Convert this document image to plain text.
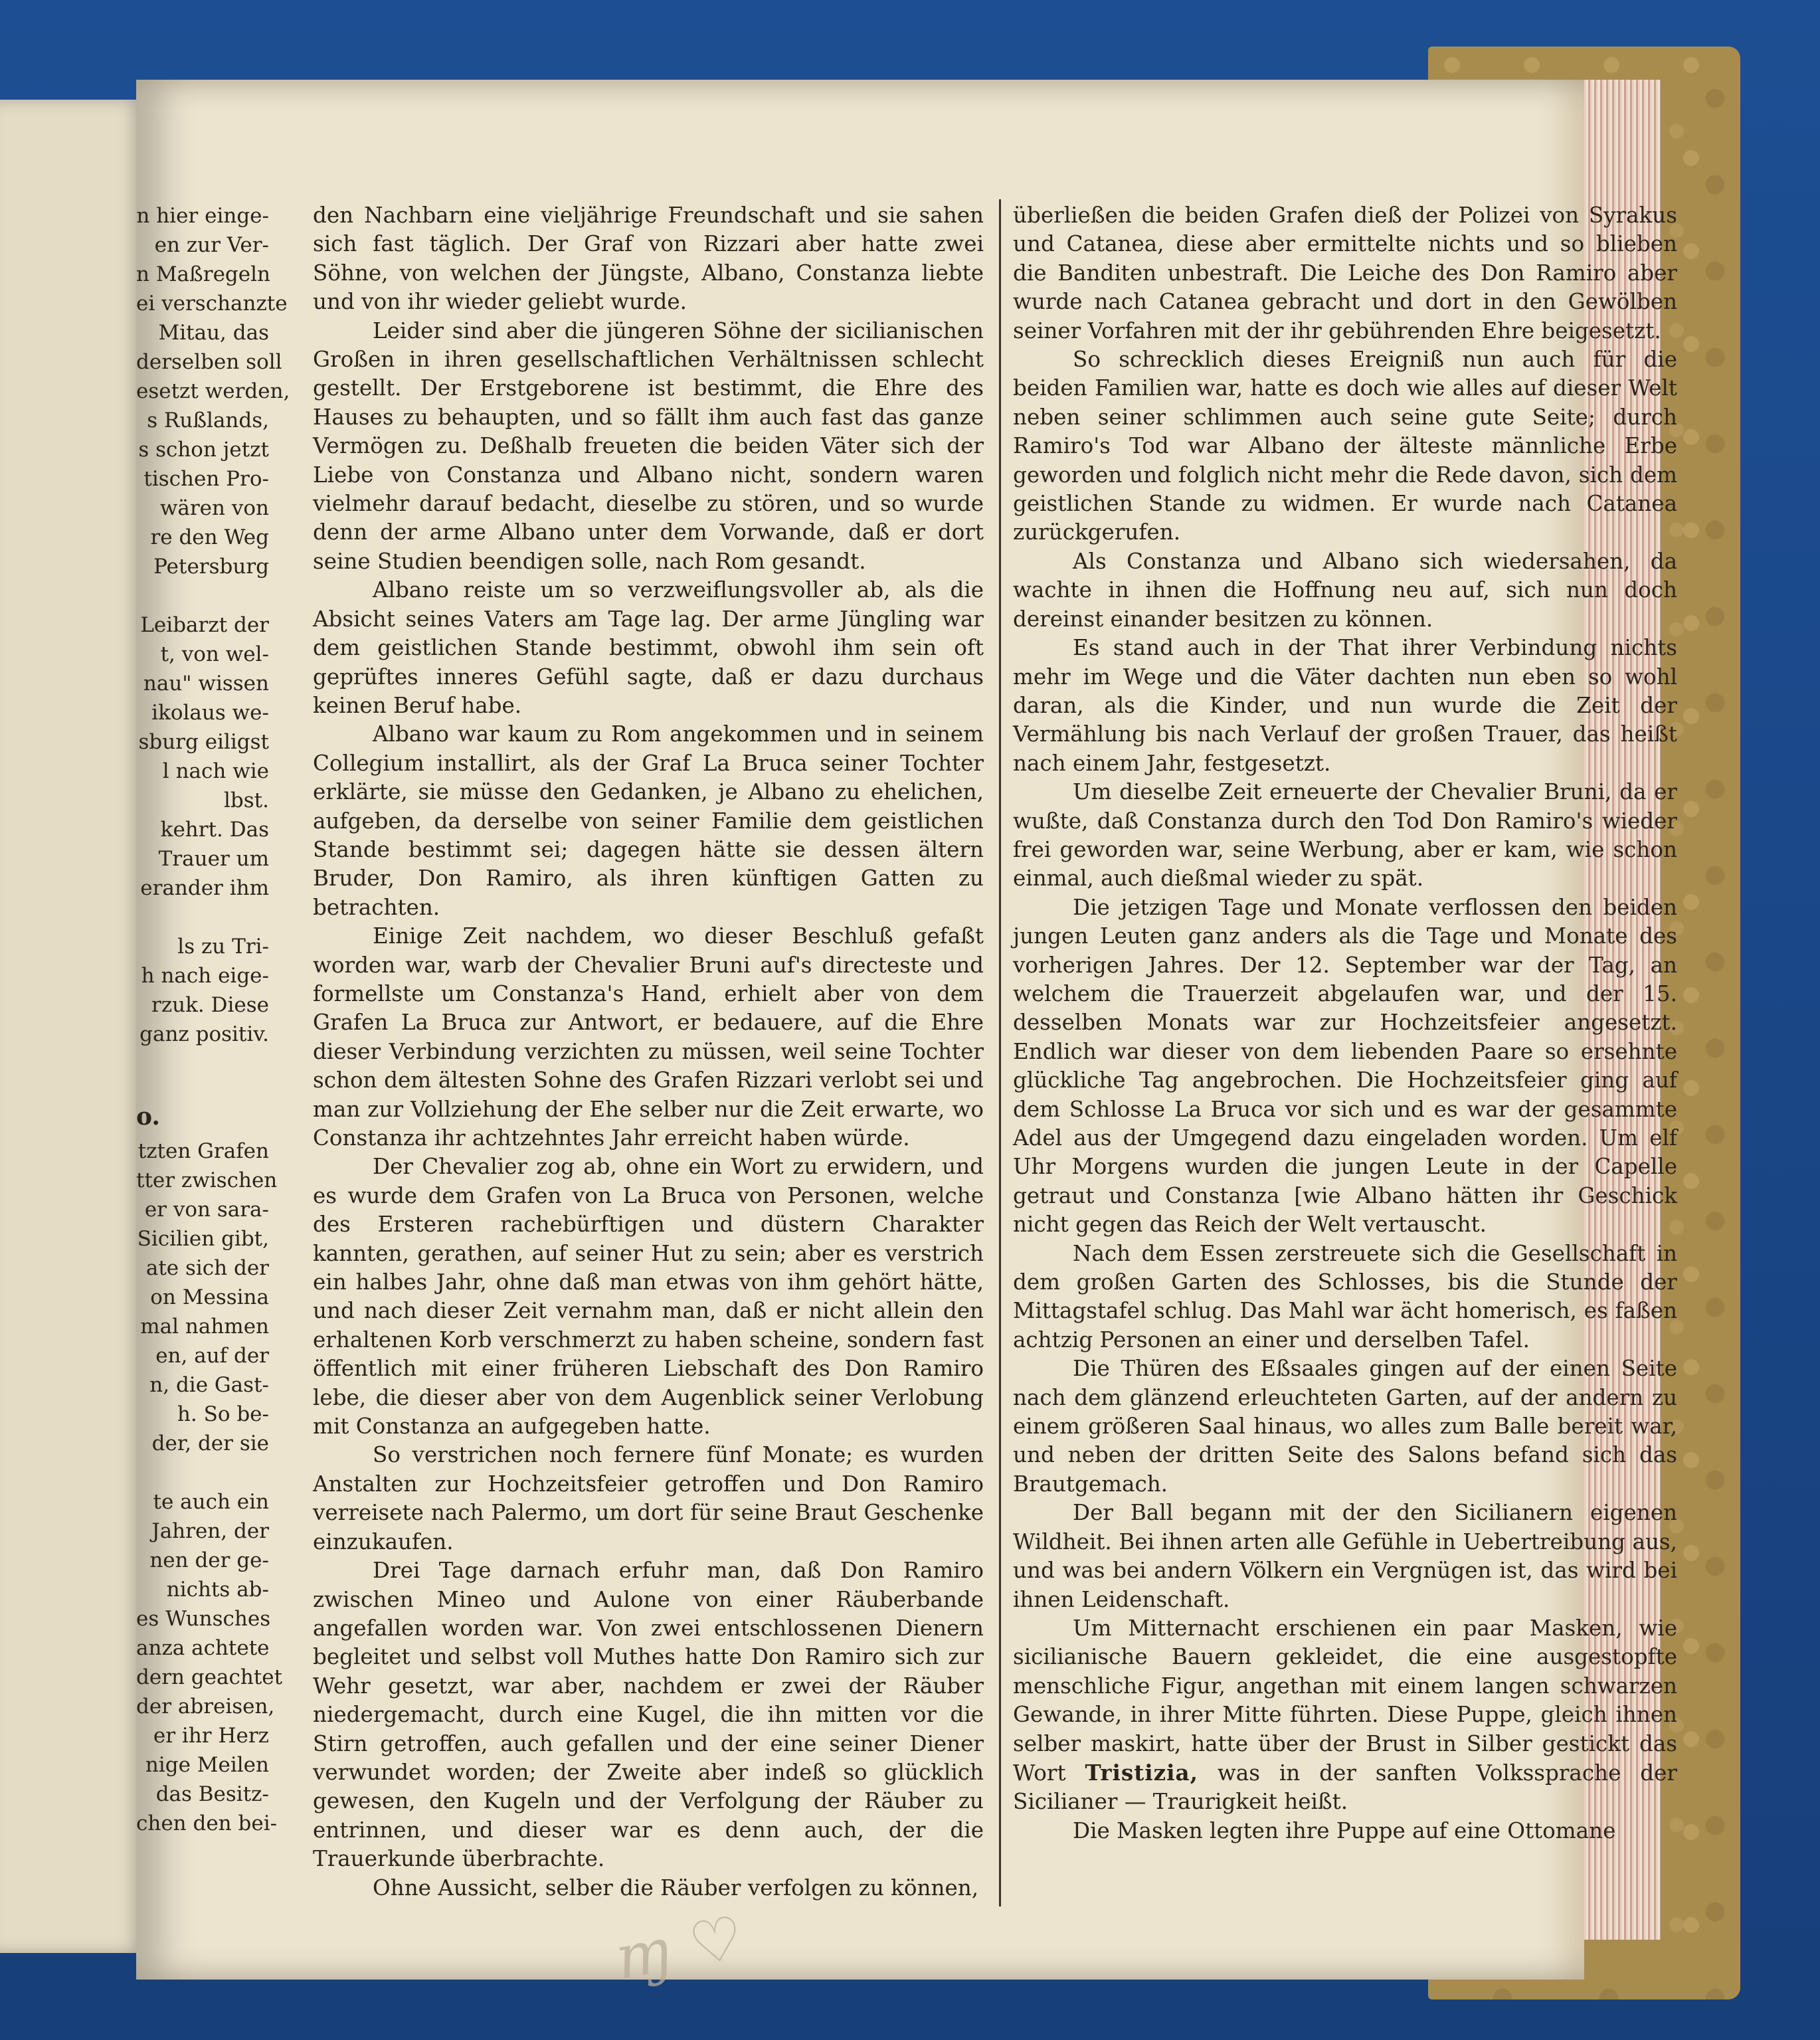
n hier einge-
en zur Ver-
n Maßregeln
ei verschanzte
Mitau, das
derselben soll
esetzt werden,
s Rußlands,
s schon jetzt
tischen Pro-
wären von
re den Weg
Petersburg

Leibarzt der
t, von wel-
nau" wissen
ikolaus we-
sburg eiligst
l nach wie
lbst.
kehrt. Das
Trauer um
erander ihm

ls zu Tri-
h nach eige-
rzuk. Diese
ganz positiv.

tzten Grafen
tter zwischen
er von sara-
Sicilien gibt,
ate sich der
on Messina
mal nahmen
en, auf der
n, die Gast-
h. So be-
der, der sie

te auch ein
Jahren, der
nen der ge-
nichts ab-
es Wunsches
anza achtete
dern geachtet
der abreisen,
er ihr Herz
nige Meilen
das Besitz-
chen den bei-
o.

den Nachbarn eine vieljährige Freundschaft und sie sahen sich fast täglich. Der Graf von Rizzari aber hatte zwei Söhne, von welchen der Jüngste, Albano, Constanza liebte und von ihr wieder geliebt wurde.

Leider sind aber die jüngeren Söhne der sicilianischen Großen in ihren gesellschaftlichen Verhältnissen schlecht gestellt. Der Erstgeborene ist bestimmt, die Ehre des Hauses zu behaupten, und so fällt ihm auch fast das ganze Vermögen zu. Deßhalb freueten die beiden Väter sich der Liebe von Constanza und Albano nicht, sondern waren vielmehr darauf bedacht, dieselbe zu stören, und so wurde denn der arme Albano unter dem Vorwande, daß er dort seine Studien beendigen solle, nach Rom gesandt.

Albano reiste um so verzweiflungsvoller ab, als die Absicht seines Vaters am Tage lag. Der arme Jüngling war dem geistlichen Stande bestimmt, obwohl ihm sein oft geprüftes inneres Gefühl sagte, daß er dazu durchaus keinen Beruf habe.

Albano war kaum zu Rom angekommen und in seinem Collegium installirt, als der Graf La Bruca seiner Tochter erklärte, sie müsse den Gedanken, je Albano zu ehelichen, aufgeben, da derselbe von seiner Familie dem geistlichen Stande bestimmt sei; dagegen hätte sie dessen ältern Bruder, Don Ramiro, als ihren künftigen Gatten zu betrachten.

Einige Zeit nachdem, wo dieser Beschluß gefaßt worden war, warb der Chevalier Bruni auf's directeste und formellste um Constanza's Hand, erhielt aber von dem Grafen La Bruca zur Antwort, er bedauere, auf die Ehre dieser Verbindung verzichten zu müssen, weil seine Tochter schon dem ältesten Sohne des Grafen Rizzari verlobt sei und man zur Vollziehung der Ehe selber nur die Zeit erwarte, wo Constanza ihr achtzehntes Jahr erreicht haben würde.

Der Chevalier zog ab, ohne ein Wort zu erwidern, und es wurde dem Grafen von La Bruca von Personen, welche des Ersteren rachebürftigen und düstern Charakter kannten, gerathen, auf seiner Hut zu sein; aber es verstrich ein halbes Jahr, ohne daß man etwas von ihm gehört hätte, und nach dieser Zeit vernahm man, daß er nicht allein den erhaltenen Korb verschmerzt zu haben scheine, sondern fast öffentlich mit einer früheren Liebschaft des Don Ramiro lebe, die dieser aber von dem Augenblick seiner Verlobung mit Constanza an aufgegeben hatte.

So verstrichen noch fernere fünf Monate; es wurden Anstalten zur Hochzeitsfeier getroffen und Don Ramiro verreisete nach Palermo, um dort für seine Braut Geschenke einzukaufen.

Drei Tage darnach erfuhr man, daß Don Ramiro zwischen Mineo und Aulone von einer Räuberbande angefallen worden war. Von zwei entschlossenen Dienern begleitet und selbst voll Muthes hatte Don Ramiro sich zur Wehr gesetzt, war aber, nachdem er zwei der Räuber niedergemacht, durch eine Kugel, die ihn mitten vor die Stirn getroffen, auch gefallen und der eine seiner Diener verwundet worden; der Zweite aber indeß so glücklich gewesen, den Kugeln und der Verfolgung der Räuber zu entrinnen, und dieser war es denn auch, der die Trauerkunde überbrachte.

Ohne Aussicht, selber die Räuber verfolgen zu können,

überließen die beiden Grafen dieß der Polizei von Syrakus und Catanea, diese aber ermittelte nichts und so blieben die Banditen unbestraft. Die Leiche des Don Ramiro aber wurde nach Catanea gebracht und dort in den Gewölben seiner Vorfahren mit der ihr gebührenden Ehre beigesetzt.

So schrecklich dieses Ereigniß nun auch für die beiden Familien war, hatte es doch wie alles auf dieser Welt neben seiner schlimmen auch seine gute Seite; durch Ramiro's Tod war Albano der älteste männliche Erbe geworden und folglich nicht mehr die Rede davon, sich dem geistlichen Stande zu widmen. Er wurde nach Catanea zurückgerufen.

Als Constanza und Albano sich wiedersahen, da wachte in ihnen die Hoffnung neu auf, sich nun doch dereinst einander besitzen zu können.

Es stand auch in der That ihrer Verbindung nichts mehr im Wege und die Väter dachten nun eben so wohl daran, als die Kinder, und nun wurde die Zeit der Vermählung bis nach Verlauf der großen Trauer, das heißt nach einem Jahr, festgesetzt.

Um dieselbe Zeit erneuerte der Chevalier Bruni, da er wußte, daß Constanza durch den Tod Don Ramiro's wieder frei geworden war, seine Werbung, aber er kam, wie schon einmal, auch dießmal wieder zu spät.

Die jetzigen Tage und Monate verflossen den beiden jungen Leuten ganz anders als die Tage und Monate des vorherigen Jahres. Der 12. September war der Tag, an welchem die Trauerzeit abgelaufen war, und der 15. desselben Monats war zur Hochzeitsfeier angesetzt. Endlich war dieser von dem liebenden Paare so ersehnte glückliche Tag angebrochen. Die Hochzeitsfeier ging auf dem Schlosse La Bruca vor sich und es war der gesammte Adel aus der Umgegend dazu eingeladen worden. Um elf Uhr Morgens wurden die jungen Leute in der Capelle getraut und Constanza [wie Albano hätten ihr Geschick nicht gegen das Reich der Welt vertauscht.

Nach dem Essen zerstreuete sich die Gesellschaft in dem großen Garten des Schlosses, bis die Stunde der Mittagstafel schlug. Das Mahl war ächt homerisch, es faßen achtzig Personen an einer und derselben Tafel.

Die Thüren des Eßsaales gingen auf der einen Seite nach dem glänzend erleuchteten Garten, auf der andern zu einem größeren Saal hinaus, wo alles zum Balle bereit war, und neben der dritten Seite des Salons befand sich das Brautgemach.

Der Ball begann mit der den Sicilianern eigenen Wildheit. Bei ihnen arten alle Gefühle in Uebertreibung aus, und was bei andern Völkern ein Vergnügen ist, das wird bei ihnen Leidenschaft.

Um Mitternacht erschienen ein paar Masken, wie sicilianische Bauern gekleidet, die eine ausgestopfte menschliche Figur, angethan mit einem langen schwarzen Gewande, in ihrer Mitte führten. Diese Puppe, gleich ihnen selber maskirt, hatte über der Brust in Silber gestickt das Wort Tristizia, was in der sanften Volkssprache der Sicilianer — Traurigkeit heißt.

Die Masken legten ihre Puppe auf eine Ottomane

ɱ ♡
